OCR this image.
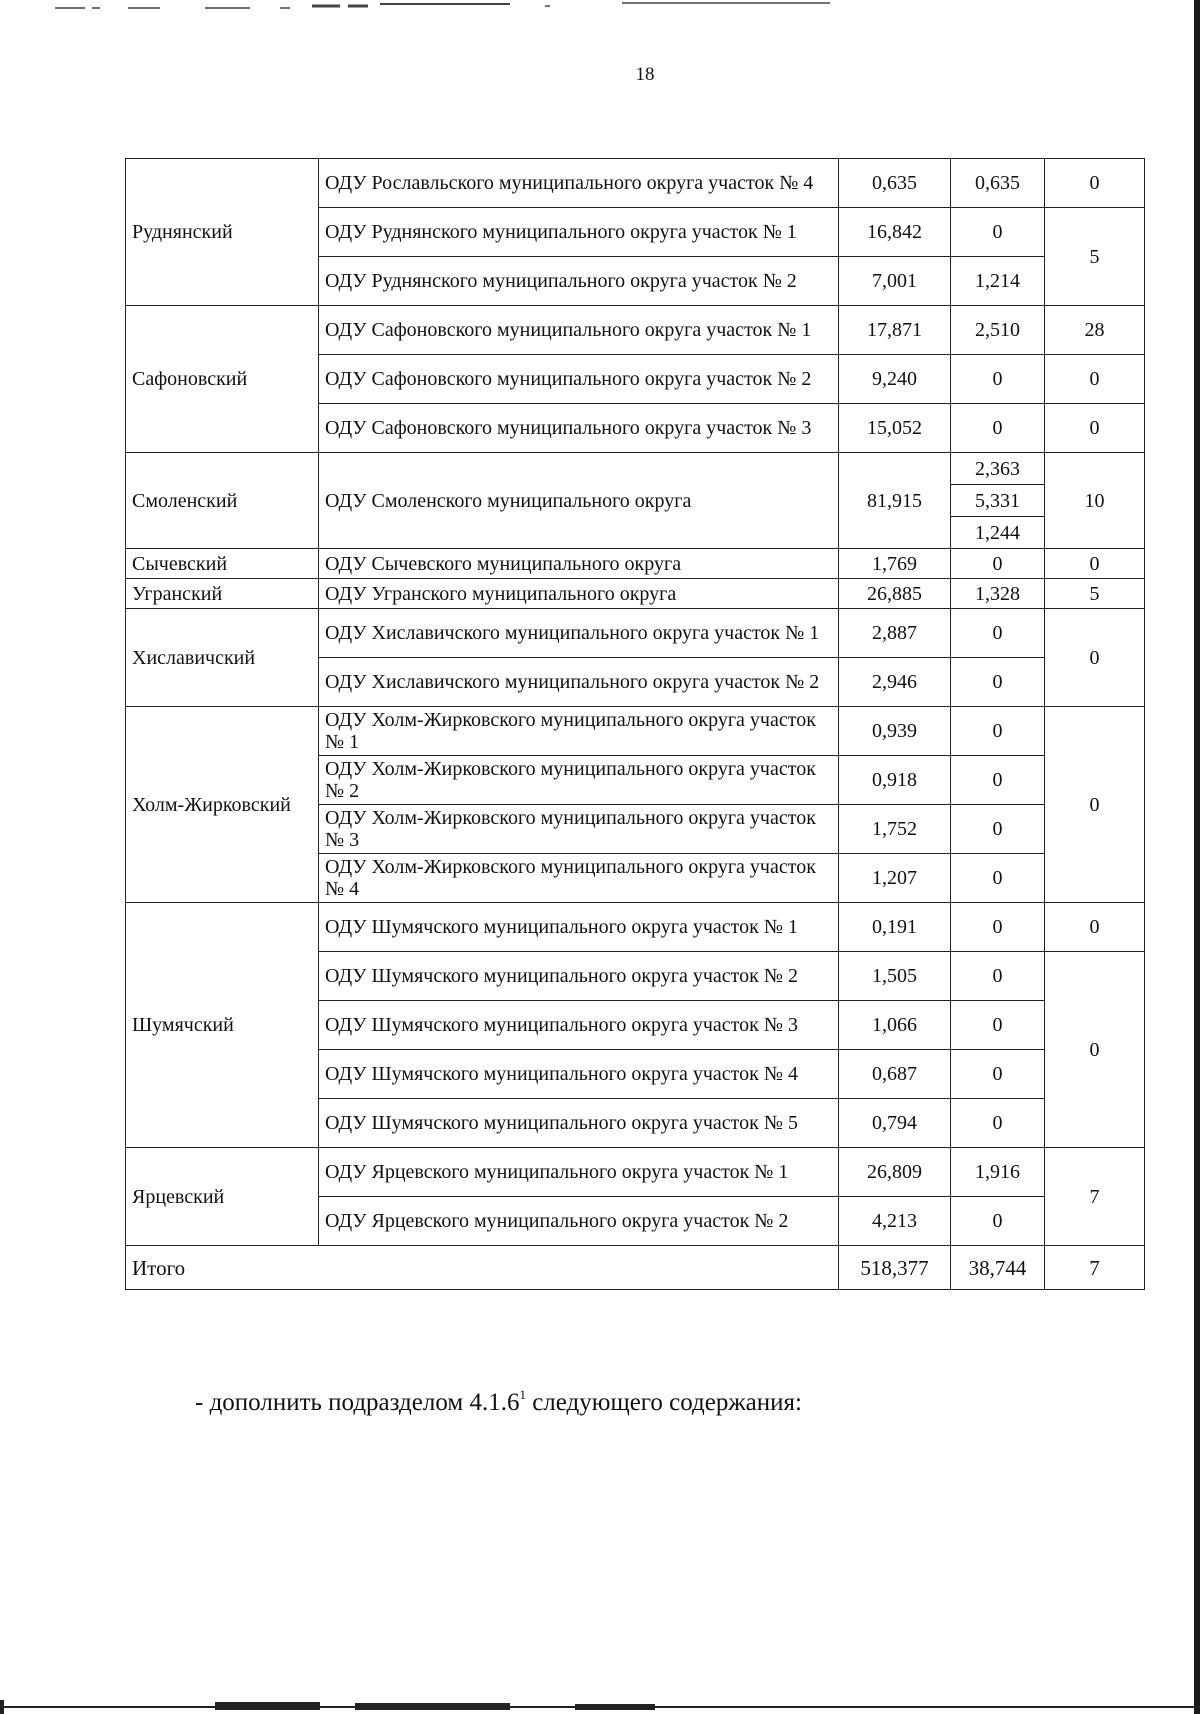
18
Руднянский	ОДУ Рославльского муниципального округа участок № 4	0,635	0,635	0
	ОДУ Руднянского муниципального округа участок № 1	16,842	0	5
	ОДУ Руднянского муниципального округа участок № 2	7,001	1,214	
Сафоновский	ОДУ Сафоновского муниципального округа участок № 1	17,871	2,510	28
	ОДУ Сафоновского муниципального округа участок № 2	9,240	0	0
	ОДУ Сафоновского муниципального округа участок № 3	15,052	0	0
Смоленский	ОДУ Смоленского муниципального округа	81,915	2,363	10
			5,331	
			1,244	
Сычевский	ОДУ Сычевского муниципального округа	1,769	0	0
Угранский	ОДУ Угранского муниципального округа	26,885	1,328	5
Хиславичский	ОДУ Хиславичского муниципального округа участок № 1	2,887	0	0
	ОДУ Хиславичского муниципального округа участок № 2	2,946	0	
Холм-Жирковский	ОДУ Холм-Жирковского муниципального округа участок № 1	0,939	0	0
	ОДУ Холм-Жирковского муниципального округа участок № 2	0,918	0	
	ОДУ Холм-Жирковского муниципального округа участок № 3	1,752	0	
	ОДУ Холм-Жирковского муниципального округа участок № 4	1,207	0	
Шумячский	ОДУ Шумячского муниципального округа участок № 1	0,191	0	0
	ОДУ Шумячского муниципального округа участок № 2	1,505	0	0
	ОДУ Шумячского муниципального округа участок № 3	1,066	0	
	ОДУ Шумячского муниципального округа участок № 4	0,687	0	
	ОДУ Шумячского муниципального округа участок № 5	0,794	0	
Ярцевский	ОДУ Ярцевского муниципального округа участок № 1	26,809	1,916	7
	ОДУ Ярцевского муниципального округа участок № 2	4,213	0	
Итого		518,377	38,744	7
- дополнить подразделом 4.1.6$^1$ следующего содержания:
